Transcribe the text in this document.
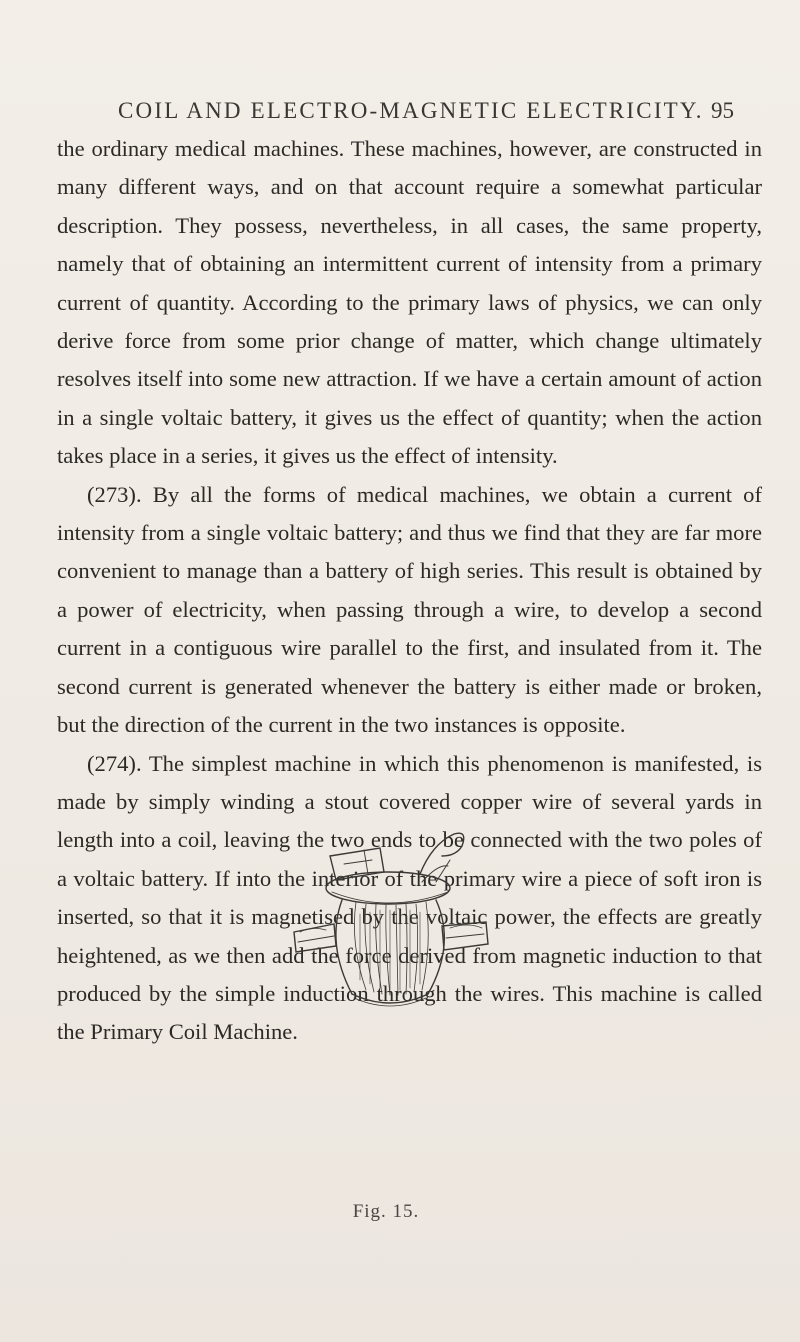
COIL AND ELECTRO-MAGNETIC ELECTRICITY. 95

the ordinary medical machines. These machines, however, are constructed in many different ways, and on that account require a somewhat particular description. They possess, nevertheless, in all cases, the same property, namely that of obtaining an intermittent current of intensity from a primary current of quantity. According to the primary laws of physics, we can only derive force from some prior change of matter, which change ultimately resolves itself into some new attraction. If we have a certain amount of action in a single voltaic battery, it gives us the effect of quantity; when the action takes place in a series, it gives us the effect of intensity.

(273). By all the forms of medical machines, we obtain a current of intensity from a single voltaic battery; and thus we find that they are far more convenient to manage than a battery of high series. This result is obtained by a power of electricity, when passing through a wire, to develop a second current in a contiguous wire parallel to the first, and insulated from it. The second current is generated whenever the battery is either made or broken, but the direction of the current in the two instances is opposite.

(274). The simplest machine in which this phenomenon is manifested, is made by simply winding a stout covered copper wire of several yards in length into a coil, leaving the two ends to be connected with the two poles of a voltaic battery. If into the interior of the primary wire a piece of soft iron is inserted, so that it is magnetised by the voltaic power, the effects are greatly heightened, as we then add the force derived from magnetic induction to that produced by the simple induction through the wires. This machine is called the Primary Coil Machine.

Fig. 15.
